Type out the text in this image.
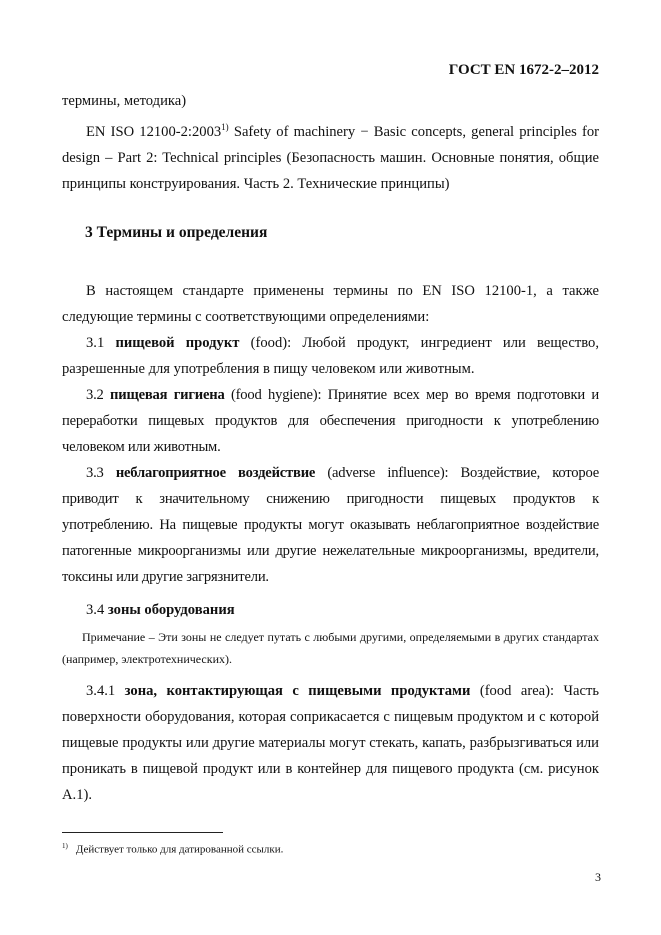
ГОСТ EN 1672-2–2012
термины, методика)
EN ISO 12100-2:2003$^{1)}$ Safety of machinery − Basic concepts, general principles for design – Part 2: Technical principles (Безопасность машин. Основные понятия, общие принципы конструирования. Часть 2. Технические принципы)
3 Термины и определения
В настоящем стандарте применены термины по EN ISO 12100-1, а также следующие термины с соответствующими определениями:
3.1 пищевой продукт (food): Любой продукт, ингредиент или вещество, разрешенные для употребления в пищу человеком или животным.
3.2 пищевая гигиена (food hygiene): Принятие всех мер во время подготовки и переработки пищевых продуктов для обеспечения пригодности к употреблению человеком или животным.
3.3 неблагоприятное воздействие (adverse influence): Воздействие, которое приводит к значительному снижению пригодности пищевых продуктов к употреблению. На пищевые продукты могут оказывать неблагоприятное воздействие патогенные микроорганизмы или другие нежелательные микроорганизмы, вредители, токсины или другие загрязнители.
3.4 зоны оборудования
Примечание – Эти зоны не следует путать с любыми другими, определяемыми в других стандартах (например, электротехнических).
3.4.1 зона, контактирующая с пищевыми продуктами (food area): Часть поверхности оборудования, которая соприкасается с пищевым продуктом и с которой пищевые продукты или другие материалы могут стекать, капать, разбрызгиваться или проникать в пищевой продукт или в контейнер для пищевого продукта (см. рисунок А.1).
$^{1)}$ Действует только для датированной ссылки.
3
